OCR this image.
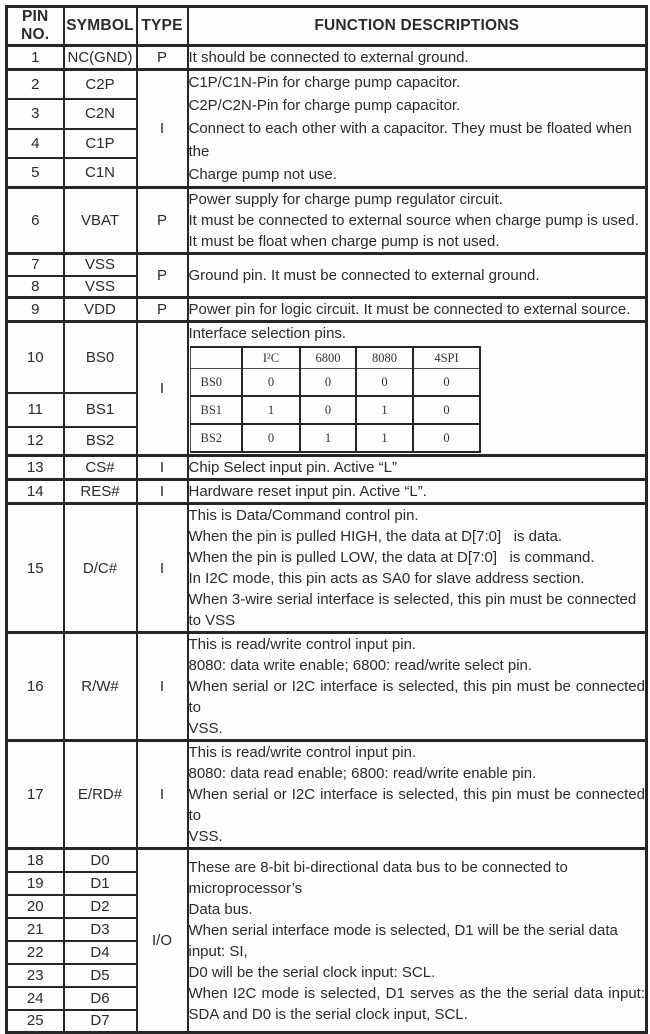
PIN NO.	SYMBOL	TYPE	FUNCTION DESCRIPTIONS
1	NC(GND)	P	It should be connected to external ground.

2	C2P	I	
C1P/C1N-Pin for charge pump capacitor.
C2P/C2N-Pin for charge pump capacitor.
Connect to each other with a capacitor. They must be floated when the
Charge pump not use.

3	C2N
4	C1P
5	C1N
6	VBAT	P	
Power supply for charge pump regulator circuit.
It must be connected to external source when charge pump is used.
It must be float when charge pump is not used.

7	VSS	P	Ground pin. It must be connected to external ground.

8	VSS
9	VDD	P	Power pin for logic circuit. It must be connected to external source.

10	BS0	I	
Interface selection pins.
	I²C	6800	8080	4SPI
BS0	0	0	0	0
BS1	1	0	1	0
BS2	0	1	1	0

11	BS1
12	BS2
13	CS#	I	Chip Select input pin. Active “L”

14	RES#	I	Hardware reset input pin. Active “L”.

15	D/C#	I	
This is Data/Command control pin.
When the pin is pulled HIGH, the data at D[7:0]   is data.
When the pin is pulled LOW, the data at D[7:0]   is command.
In I2C mode, this pin acts as SA0 for slave address section.
When 3-wire serial interface is selected, this pin must be connected to VSS

16	R/W#	I	
This is read/write control input pin.
8080: data write enable; 6800: read/write select pin.
When serial or I2C interface is selected, this pin must be connected to
VSS.

17	E/RD#	I	
This is read/write control input pin.
8080: data read enable; 6800: read/write enable pin.
When serial or I2C interface is selected, this pin must be connected to
VSS.

18	D0	I/O	
These are 8-bit bi-directional data bus to be connected to microprocessor’s
Data bus.
When serial interface mode is selected, D1 will be the serial data input: SI,
D0 will be the serial clock input: SCL.
When I2C mode is selected, D1 serves as the the serial data input:
SDA and D0 is the serial clock input, SCL.

19	D1
20	D2
21	D3
22	D4
23	D5
24	D6
25	D7
